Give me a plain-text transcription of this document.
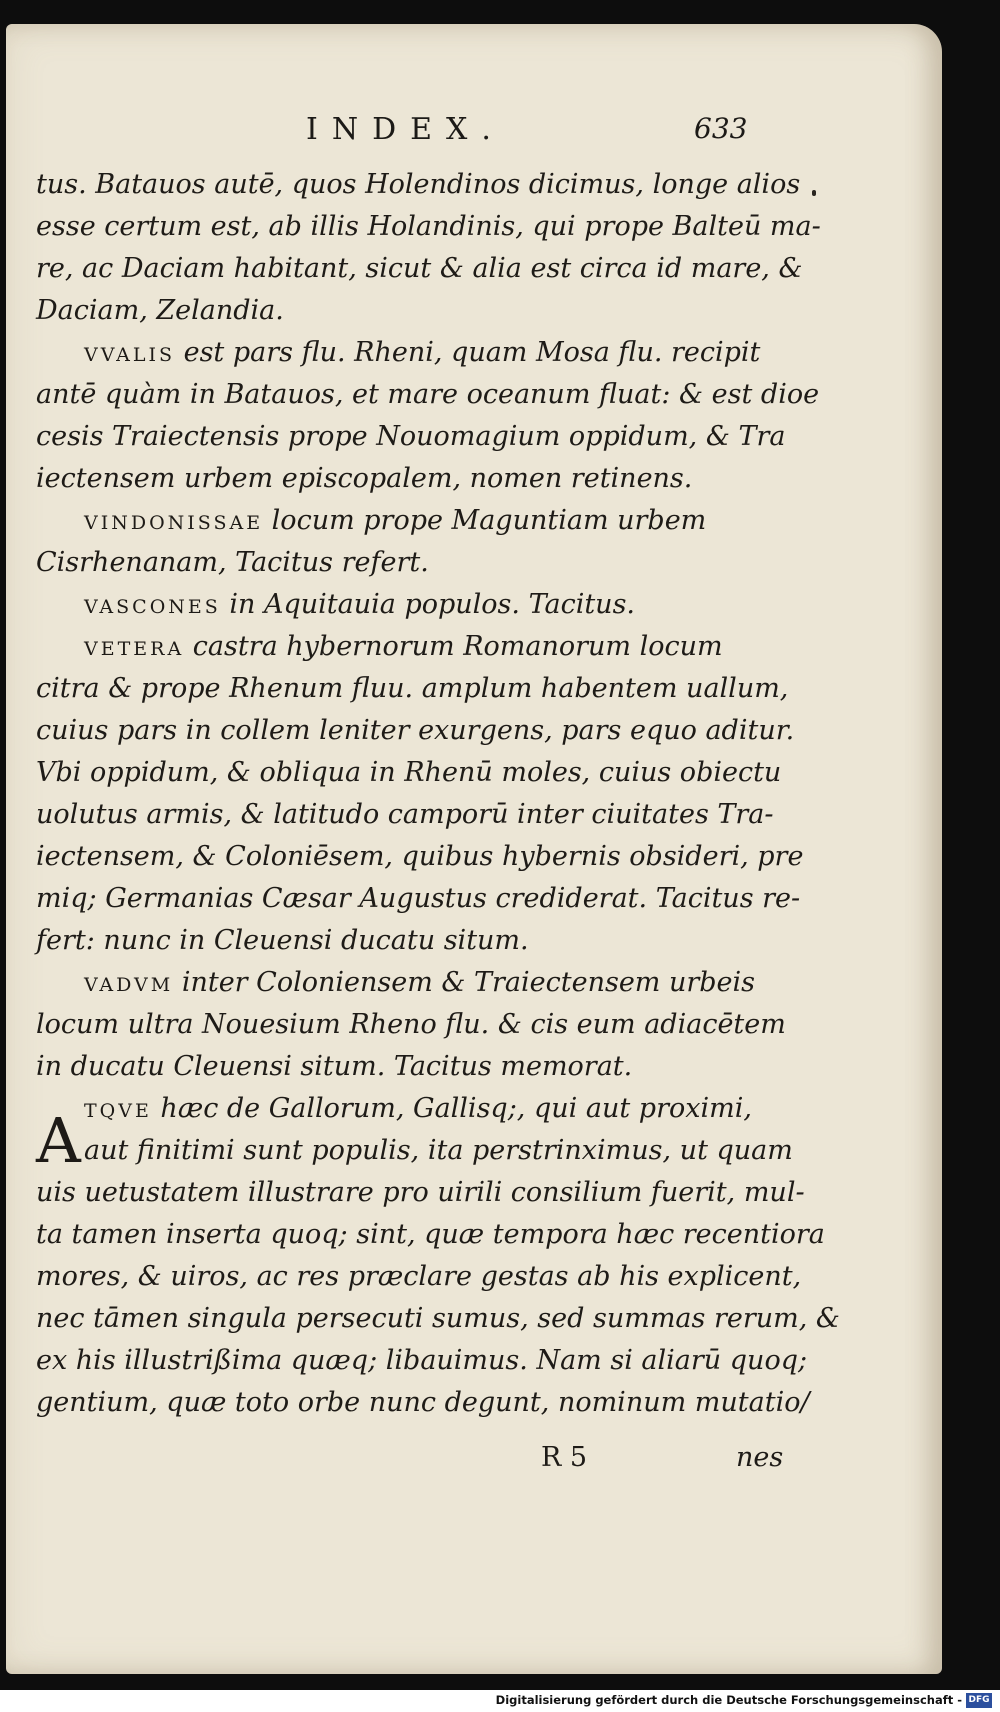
INDEX.	633
A
tus. Batauos autē, quos Holendinos dicimus, longe alios
esse certum est, ab illis Holandinis, qui prope Balteū ma-
re, ac Daciam habitant, sicut & alia est circa id mare, &
Daciam, Zelandia.
VVALIS est pars flu. Rheni, quam Mosa flu. recipit
antē quàm in Batauos, et mare oceanum fluat: & est dioe
cesis Traiectensis prope Nouomagium oppidum, & Tra
iectensem urbem episcopalem, nomen retinens.
VINDONISSAE locum prope Maguntiam urbem
Cisrhenanam, Tacitus refert.
VASCONES in Aquitauia populos. Tacitus.
VETERA castra hybernorum Romanorum locum
citra & prope Rhenum fluu. amplum habentem uallum,
cuius pars in collem leniter exurgens, pars equo aditur.
Vbi oppidum, & obliqua in Rhenū moles, cuius obiectu
uolutus armis, & latitudo camporū inter ciuitates Tra-
iectensem, & Coloniēsem, quibus hybernis obsideri, pre
miq; Germanias Cæsar Augustus crediderat. Tacitus re-
fert: nunc in Cleuensi ducatu situm.
VADVM inter Coloniensem & Traiectensem urbeis
locum ultra Nouesium Rheno flu. & cis eum adiacētem
in ducatu Cleuensi situm. Tacitus memorat.
TQVE hæc de Gallorum, Gallisq;, qui aut proximi,
aut finitimi sunt populis, ita perstrinximus, ut quam
uis uetustatem illustrare pro uirili consilium fuerit, mul-
ta tamen inserta quoq; sint, quæ tempora hæc recentiora
mores, & uiros, ac res præclare gestas ab his explicent,
nec tāmen singula persecuti sumus, sed summas rerum, &
ex his illustrißima quæq; libauimus. Nam si aliarū quoq;
gentium, quæ toto orbe nunc degunt, nominum mutatio/
R 5	nes
Digitalisierung gefördert durch die Deutsche Forschungsgemeinschaft - DFG
